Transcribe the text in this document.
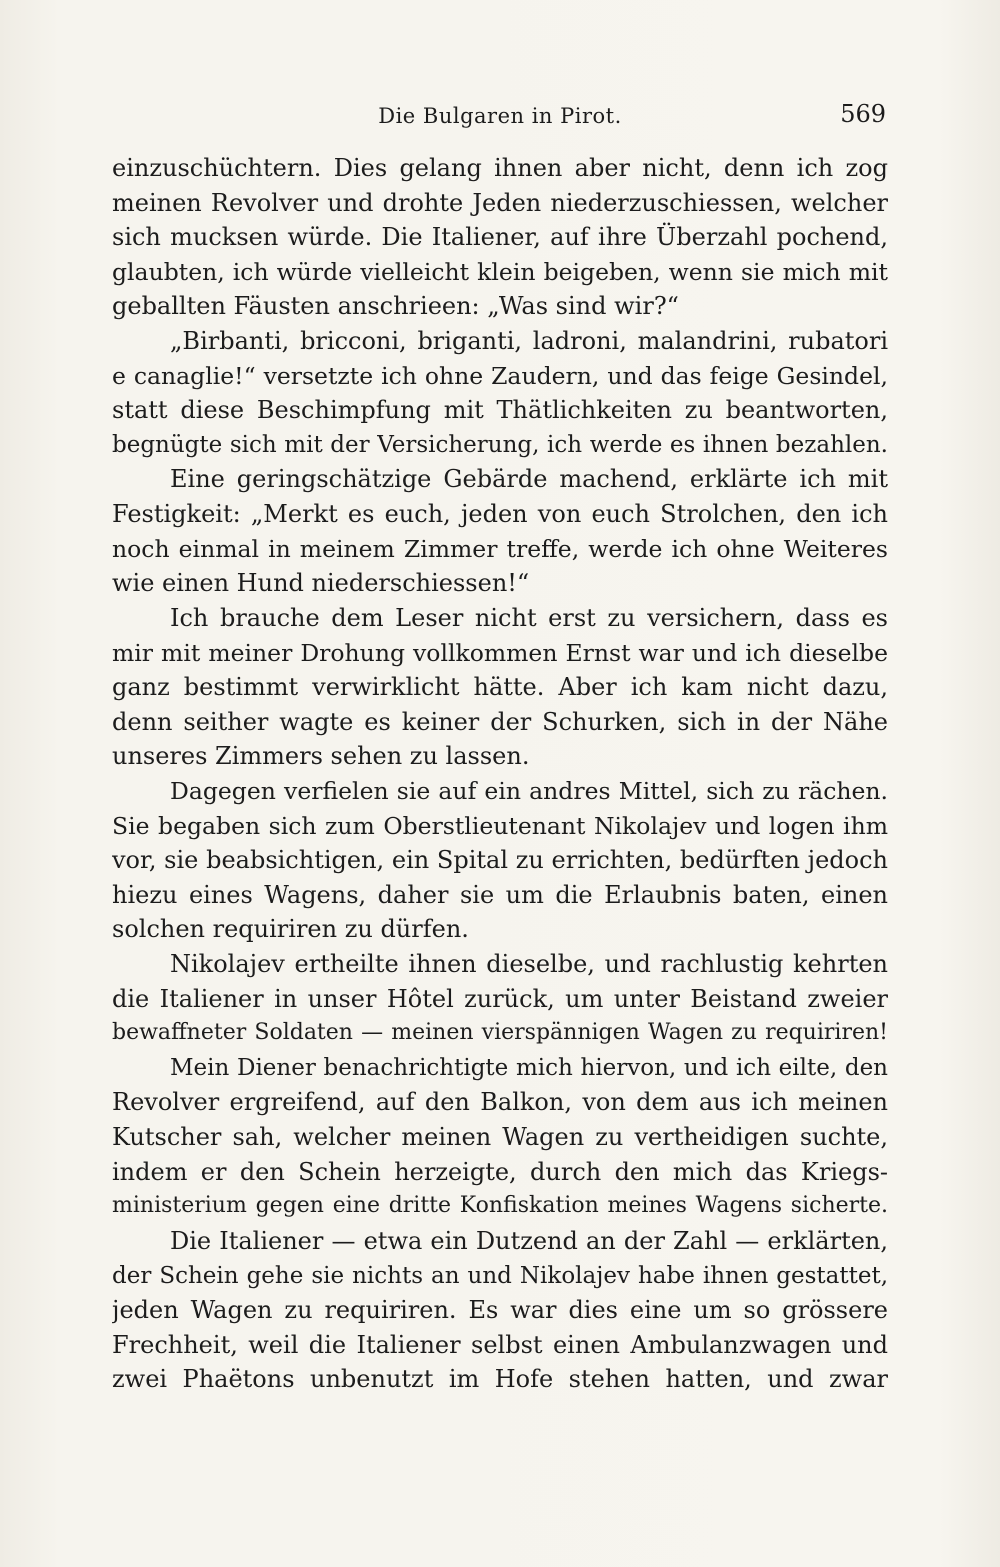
Die Bulgaren in Pirot.	569
einzuschüchtern. Dies gelang ihnen aber nicht, denn ich zog
meinen Revolver und drohte Jeden niederzuschiessen, welcher
sich mucksen würde. Die Italiener, auf ihre Überzahl pochend,
glaubten, ich würde vielleicht klein beigeben, wenn sie mich mit
geballten Fäusten anschrieen: „Was sind wir?“
„Birbanti, bricconi, briganti, ladroni, malandrini, rubatori
e canaglie!“ versetzte ich ohne Zaudern, und das feige Gesindel,
statt diese Beschimpfung mit Thätlichkeiten zu beantworten,
begnügte sich mit der Versicherung, ich werde es ihnen bezahlen.
Eine geringschätzige Gebärde machend, erklärte ich mit
Festigkeit: „Merkt es euch, jeden von euch Strolchen, den ich
noch einmal in meinem Zimmer treffe, werde ich ohne Weiteres
wie einen Hund niederschiessen!“
Ich brauche dem Leser nicht erst zu versichern, dass es
mir mit meiner Drohung vollkommen Ernst war und ich dieselbe
ganz bestimmt verwirklicht hätte. Aber ich kam nicht dazu,
denn seither wagte es keiner der Schurken, sich in der Nähe
unseres Zimmers sehen zu lassen.
Dagegen verfielen sie auf ein andres Mittel, sich zu rächen.
Sie begaben sich zum Oberstlieutenant Nikolajev und logen ihm
vor, sie beabsichtigen, ein Spital zu errichten, bedürften jedoch
hiezu eines Wagens, daher sie um die Erlaubnis baten, einen
solchen requiriren zu dürfen.
Nikolajev ertheilte ihnen dieselbe, und rachlustig kehrten
die Italiener in unser Hôtel zurück, um unter Beistand zweier
bewaffneter Soldaten — meinen vierspännigen Wagen zu requiriren!
Mein Diener benachrichtigte mich hiervon, und ich eilte, den
Revolver ergreifend, auf den Balkon, von dem aus ich meinen
Kutscher sah, welcher meinen Wagen zu vertheidigen suchte,
indem er den Schein herzeigte, durch den mich das Kriegs-
ministerium gegen eine dritte Konfiskation meines Wagens sicherte.
Die Italiener — etwa ein Dutzend an der Zahl — erklärten,
der Schein gehe sie nichts an und Nikolajev habe ihnen gestattet,
jeden Wagen zu requiriren. Es war dies eine um so grössere
Frechheit, weil die Italiener selbst einen Ambulanzwagen und
zwei Phaëtons unbenutzt im Hofe stehen hatten, und zwar
